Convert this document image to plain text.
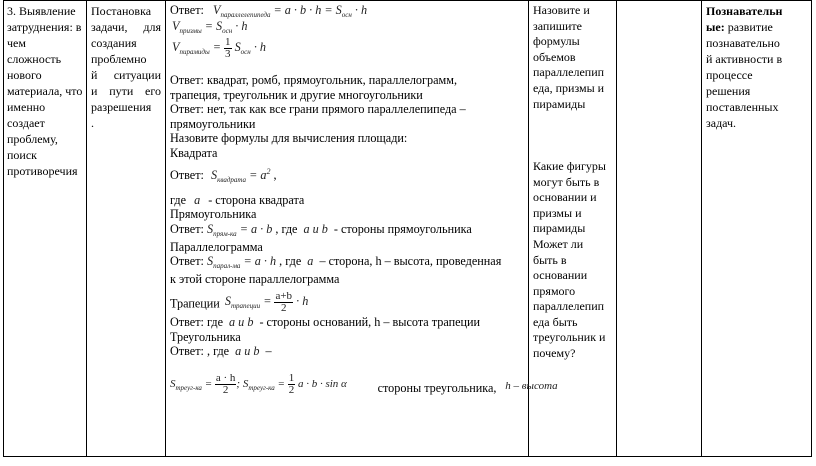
3. Выявление затруднения: в чем сложность нового материала, что именно создает проблему, поиск противоречия
Постановка
задачи, для
создания
проблемно
й ситуации
и пути его
разрешения
.
Ответ: $V_{параллелепипеда} = a \cdot b \cdot h = S_{осн} \cdot h$
$V_{призмы} = S_{осн} \cdot h$
$V_{пирамиды} = \frac{1}{3} S_{осн} \cdot h$
Ответ: квадрат, ромб, прямоугольник, параллелограмм,
трапеция, треугольник и другие многоугольники
Ответ: нет, так как все грани прямого параллелепипеда –
прямоугольники
Назовите формулы для вычисления площади:
Квадрата
Ответ: $S_{квадрата} = a^2$ ,
где a - сторона квадрата
Прямоугольника
Ответ: $S_{прям-ка} = a \cdot b$ , где a u b - стороны прямоугольника
Параллелограмма
Ответ: $S_{парал-ма} = a \cdot h$ , где a – сторона, h – высота, проведенная
к этой стороне параллелограмма
Трапеции $S_{трапеции} = \frac{a+b}{2} \cdot h$
Ответ: где a u b - стороны оснований, h – высота трапеции
Треугольника
Ответ: , где a u b –
$S_{треуг-ка} = \frac{a \cdot h}{2}$ ; $S_{треуг-ка} = \frac{1}{2}$ a · b · sin α	стороны треугольника, h – высота
Назовите и
запишите
формулы
объемов
параллелепип
еда, призмы и
пирамиды

Какие фигуры
могут быть в
основании и
призмы и
пирамиды
Может ли
быть в
основании
прямого
параллелепип
еда быть
треугольник и
почему?
Познавательн
ые: развитие
познавательно
й активности в
процессе
решения
поставленных
задач.
